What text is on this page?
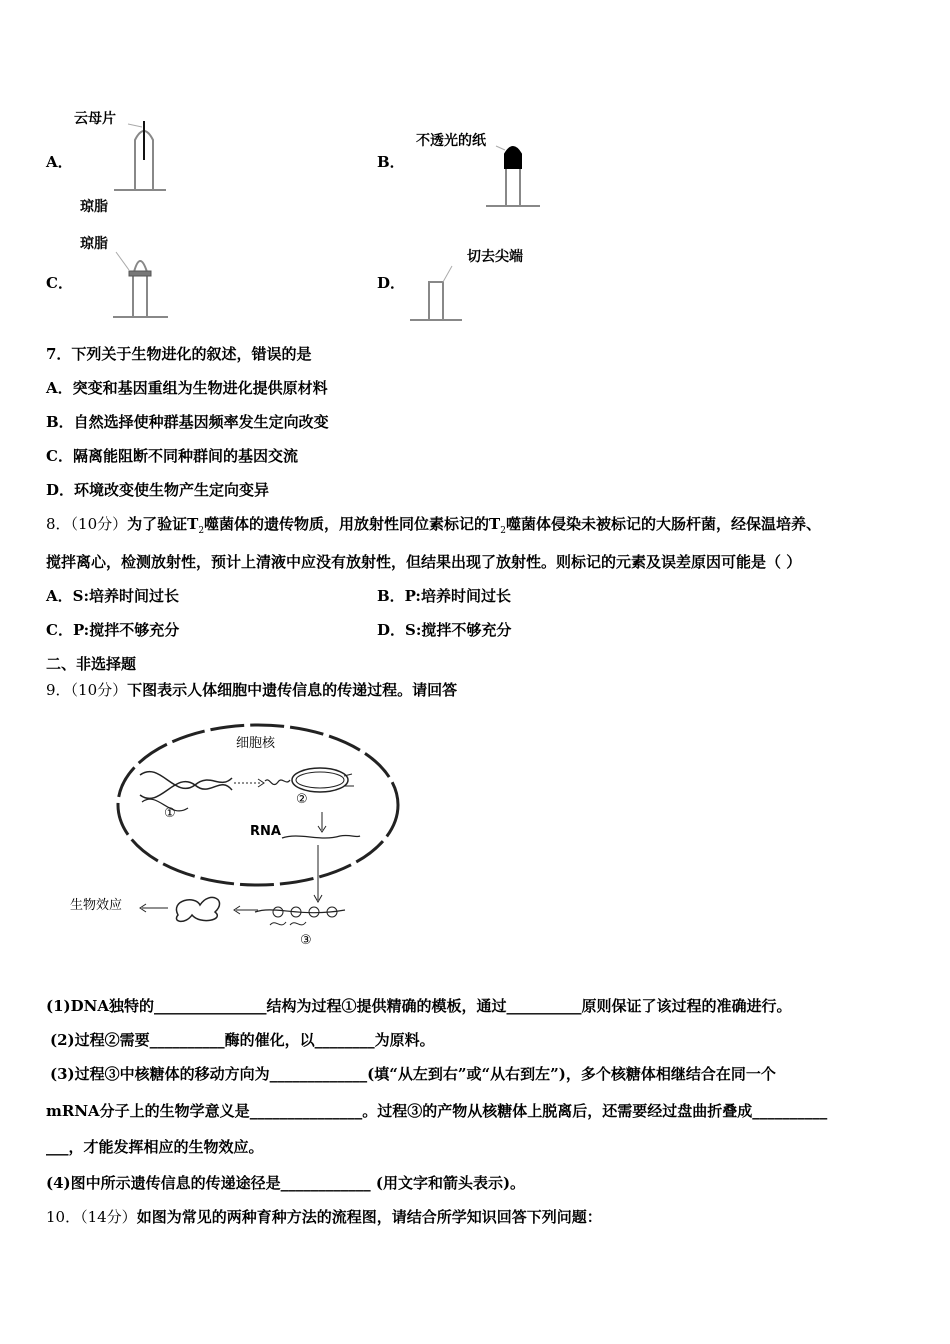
A．
云母片
琼脂
B．
不透光的纸
C．
琼脂
D．
切去尖端
7．下列关于生物进化的叙述，错误的是
A．突变和基因重组为生物进化提供原材料
B．自然选择使种群基因频率发生定向改变
C．隔离能阻断不同种群间的基因交流
D．环境改变使生物产生定向变异
8．（10分）为了验证$T_2$噬菌体的遗传物质，用放射性同位素标记的$T_2$噬菌体侵染未被标记的大肠杆菌，经保温培养、
搅拌离心，检测放射性，预计上清液中应没有放射性，但结果出现了放射性。则标记的元素及误差原因可能是（ ）
A．S:培养时间过长	B．P:培养时间过长
C．P:搅拌不够充分	D．S:搅拌不够充分
二、非选择题
9．（10分）下图表示人体细胞中遗传信息的传递过程。请回答
细胞核
①
②
RNA
生物效应
③
(1)DNA独特的_______________结构为过程①提供精确的模板，通过__________原则保证了该过程的准确进行。
(2)过程②需要__________酶的催化，以________为原料。
(3)过程③中核糖体的移动方向为_____________(填“从左到右”或“从右到左”)，多个核糖体相继结合在同一个
mRNA分子上的生物学意义是_______________。过程③的产物从核糖体上脱离后，还需要经过盘曲折叠成__________
___，才能发挥相应的生物效应。
(4)图中所示遗传信息的传递途径是____________ (用文字和箭头表示)。
10．（14分）如图为常见的两种育种方法的流程图，请结合所学知识回答下列问题：
